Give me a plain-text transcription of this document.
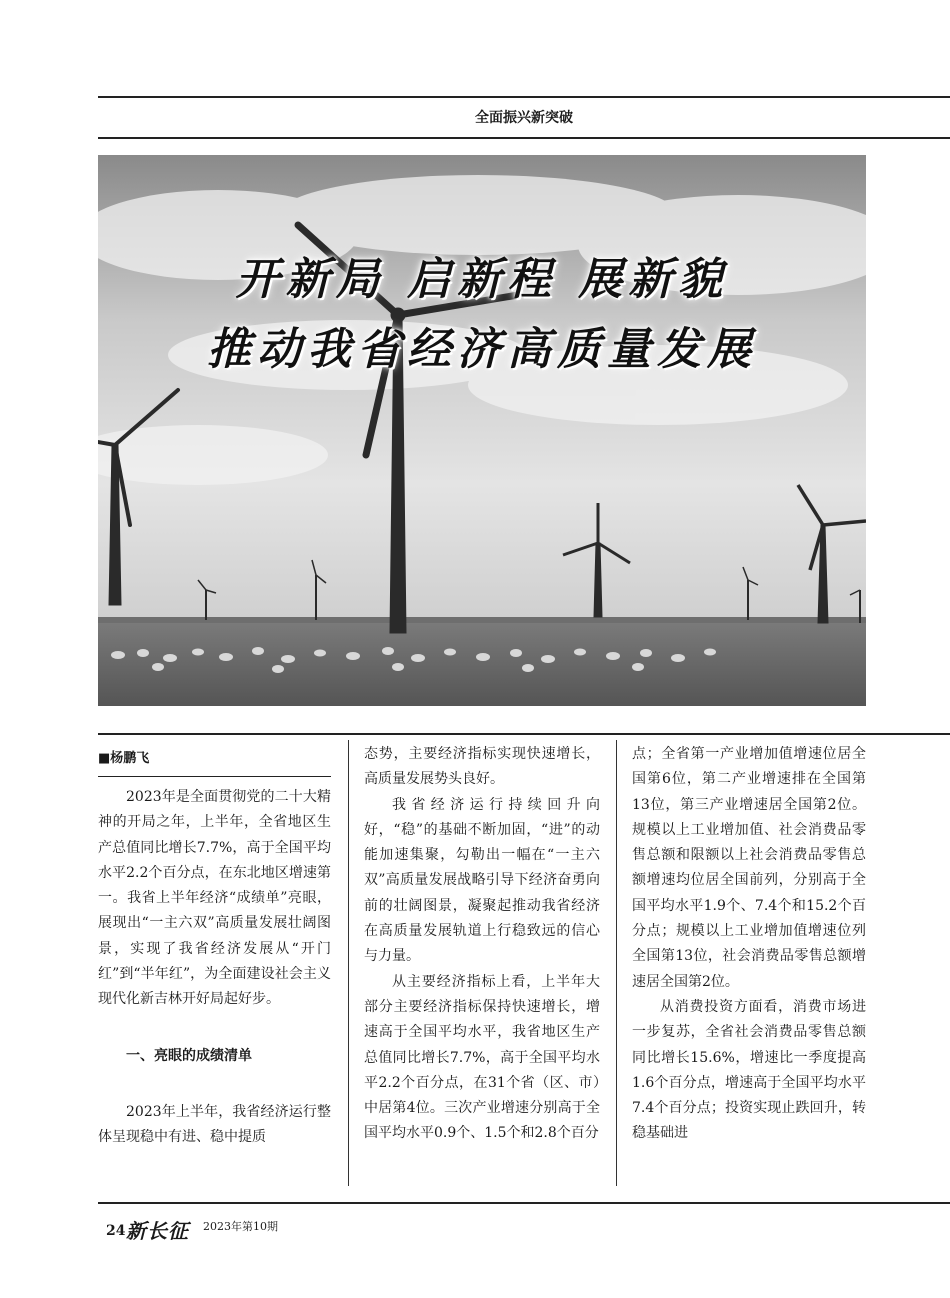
全面振兴新突破
开新局 启新程 展新貌
推动我省经济高质量发展
■杨鹏飞

2023年是全面贯彻党的二十大精神的开局之年，上半年，全省地区生产总值同比增长7.7%，高于全国平均水平2.2个百分点，在东北地区增速第一。我省上半年经济“成绩单”亮眼，展现出“一主六双”高质量发展壮阔图景，实现了我省经济发展从“开门红”到“半年红”，为全面建设社会主义现代化新吉林开好局起好步。

一、亮眼的成绩清单

2023年上半年，我省经济运行整体呈现稳中有进、稳中提质

态势，主要经济指标实现快速增长，高质量发展势头良好。

我省经济运行持续回升向好，“稳”的基础不断加固，“进”的动能加速集聚，勾勒出一幅在“一主六双”高质量发展战略引导下经济奋勇向前的壮阔图景，凝聚起推动我省经济在高质量发展轨道上行稳致远的信心与力量。

从主要经济指标上看，上半年大部分主要经济指标保持快速增长，增速高于全国平均水平，我省地区生产总值同比增长7.7%，高于全国平均水平2.2个百分点，在31个省（区、市）中居第4位。三次产业增速分别高于全国平均水平0.9个、1.5个和2.8个百分

点；全省第一产业增加值增速位居全国第6位，第二产业增速排在全国第13位，第三产业增速居全国第2位。规模以上工业增加值、社会消费品零售总额和限额以上社会消费品零售总额增速均位居全国前列，分别高于全国平均水平1.9个、7.4个和15.2个百分点；规模以上工业增加值增速位列全国第13位，社会消费品零售总额增速居全国第2位。

从消费投资方面看，消费市场进一步复苏，全省社会消费品零售总额同比增长15.6%，增速比一季度提高1.6个百分点，增速高于全国平均水平7.4个百分点；投资实现止跌回升，转稳基础进

24 新长征 2023年第10期
